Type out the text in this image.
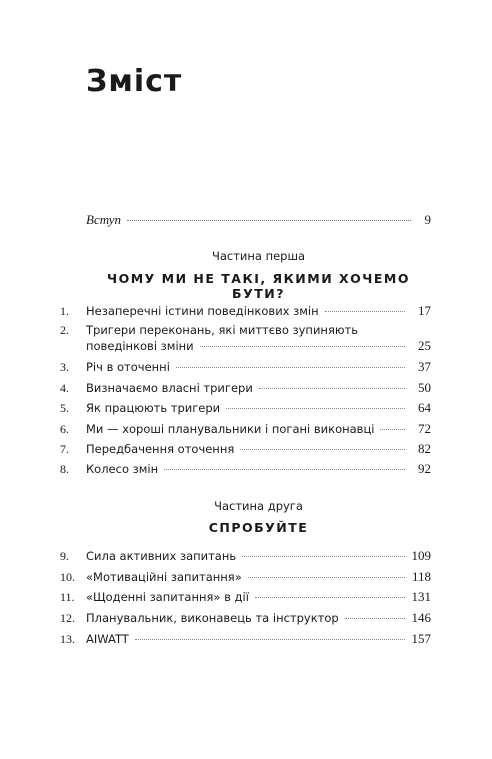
Зміст
Вступ	9
Частина перша
ЧОМУ МИ НЕ ТАКІ, ЯКИМИ ХОЧЕМО БУТИ?
1.	Незаперечні істини поведінкових змін	17
2.	Тригери переконань, які миттєво зупиняють
поведінкові зміни	25
3.	Річ в оточенні	37
4.	Визначаємо власні тригери	50
5.	Як працюють тригери	64
6.	Ми — хороші планувальники і погані виконавці	72
7.	Передбачення оточення	82
8.	Колесо змін	92
Частина друга
СПРОБУЙТЕ
9.	Сила активних запитань	109
10. «Мотиваційні запитання»	118
11. «Щоденні запитання» в дії	131
12. Планувальник, виконавець та інструктор	146
13. AIWATT	157
